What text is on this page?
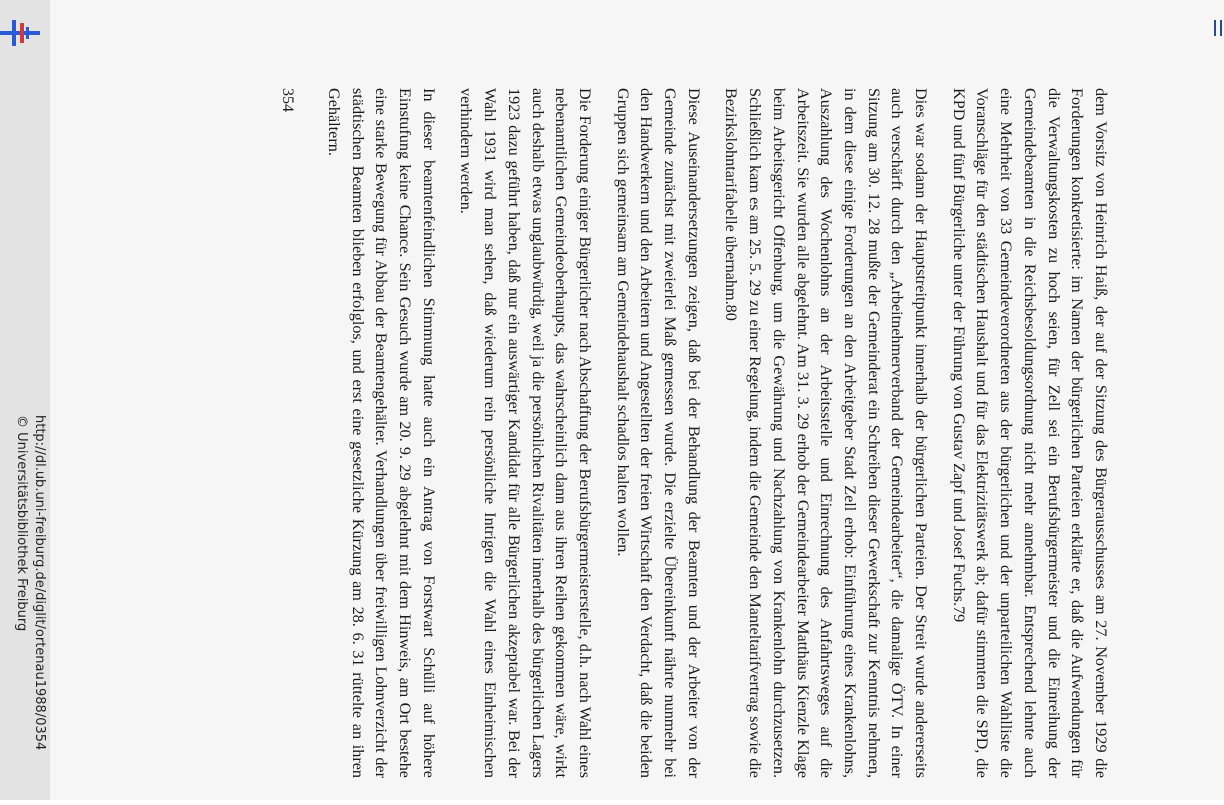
http://dl.ub.uni-freiburg.de/diglit/ortenau1988/0354
© Universitätsbibliothek Freiburg	dem Vorsitz von Heinrich Haiß, der auf der Sitzung des Bürgerausschusses am 27. November 1929 die Forderungen konkretisierte: im Namen der bürgerlichen Parteien erklärte er, daß die Aufwendungen für die Verwaltungskosten zu hoch seien, für Zell sei ein Berufsbürgermeister und die Einreihung der Gemeindebeamten in die Reichsbesoldungsordnung nicht mehr annehmbar. Entsprechend lehnte auch eine Mehrheit von 33 Gemeindeverordneten aus der bürgerlichen und der unparteilichen Wahlliste die Voranschläge für den städtischen Haushalt und für das Elektrizitätswerk ab; dafür stimmten die SPD, die KPD und fünf Bürgerliche unter der Führung von Gustav Zapf und Josef Fuchs.79

Dies war sodann der Hauptstreitpunkt innerhalb der bürgerlichen Parteien. Der Streit wurde andererseits auch verschärft durch den „Arbeitnehmerverband der Gemeindearbeiter“, die damalige ÖTV. In einer Sitzung am 30. 12. 28 mußte der Gemeinderat ein Schreiben dieser Gewerkschaft zur Kenntnis nehmen, in dem diese einige Forderungen an den Arbeitgeber Stadt Zell erhob: Einführung eines Krankenlohns, Auszahlung des Wochenlohns an der Arbeitsstelle und Einrechnung des Anfahrtsweges auf die Arbeitszeit. Sie wurden alle abgelehnt. Am 31. 3. 29 erhob der Gemeindearbeiter Matthäus Kienzle Klage beim Arbeitsgericht Offenburg, um die Gewährung und Nachzahlung von Krankenlohn durchzusetzen. Schließlich kam es am 25. 5. 29 zu einer Regelung, indem die Gemeinde den Manteltarifvertrag sowie die Bezirkslohntarifabelle übernahm.80

Diese Auseinandersetzungen zeigen, daß bei der Behandlung der Beamten und der Arbeiter von der Gemeinde zunächst mit zweierlei Maß gemessen wurde. Die erzielte Übereinkunft nährte nunmehr bei den Handwerkern und den Arbeitern und Angestellten der freien Wirtschaft den Verdacht, daß die beiden Gruppen sich gemeinsam am Gemeindehaushalt schadlos halten wollen.

Die Forderung einiger Bürgerlicher nach Abschaffung der Berufsbürgermeisterstelle, d.h. nach Wahl eines nebenamtlichen Gemeindeoberhaupts, das wahrscheinlich dann aus ihren Reihen gekommen wäre, wirkt auch deshalb etwas unglaubwürdig, weil ja die persönlichen Rivalitäten innerhalb des bürgerlichen Lagers 1923 dazu geführt haben, daß nur ein auswärtiger Kandidat für alle Bürgerlichen akzeptabel war. Bei der Wahl 1931 wird man sehen, daß wiederum rein persönliche Intrigen die Wahl eines Einheimischen verhindern werden.

In dieser beamtenfeindlichen Stimmung hatte auch ein Antrag von Forstwart Schülli auf höhere Einstufung keine Chance. Sein Gesuch wurde am 20. 9. 29 abgelehnt mit dem Hinweis, am Ort bestehe eine starke Bewegung für Abbau der Beamtengehälter. Verhandlungen über freiwilligen Lohnverzicht der städtischen Beamten blieben erfolglos, und erst eine gesetzliche Kürzung am 28. 6. 31 rüttelte an ihren Gehältern.

354
